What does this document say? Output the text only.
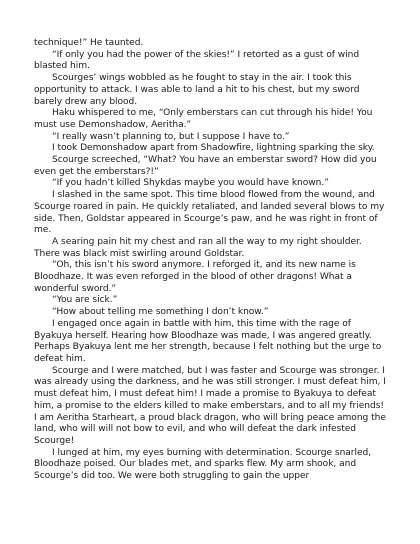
technique!” He taunted.

“If only you had the power of the skies!” I retorted as a gust of wind blasted him.

Scourges’ wings wobbled as he fought to stay in the air. I took this opportunity to attack. I was able to land a hit to his chest, but my sword barely drew any blood.

Haku whispered to me, “Only emberstars can cut through his hide! You must use Demonshadow, Aeritha.”

“I really wasn’t planning to, but I suppose I have to.”

I took Demonshadow apart from Shadowfire, lightning sparking the sky.

Scourge screeched, “What? You have an emberstar sword? How did you even get the emberstars?!”

“If you hadn’t killed Shykdas maybe you would have known.”

I slashed in the same spot. This time blood flowed from the wound, and Scourge roared in pain. He quickly retaliated, and landed several blows to my side. Then, Goldstar appeared in Scourge’s paw, and he was right in front of me.

A searing pain hit my chest and ran all the way to my right shoulder. There was black mist swirling around Goldstar.

“Oh, this isn’t his sword anymore. I reforged it, and its new name is Bloodhaze. It was even reforged in the blood of other dragons! What a wonderful sword.”

“You are sick.”

“How about telling me something I don’t know.”

I engaged once again in battle with him, this time with the rage of Byakuya herself. Hearing how Bloodhaze was made, I was angered greatly. Perhaps Byakuya lent me her strength, because I felt nothing but the urge to defeat him.

Scourge and I were matched, but I was faster and Scourge was stronger. I was already using the darkness, and he was still stronger. I must defeat him, I must defeat him, I must defeat him! I made a promise to Byakuya to defeat him, a promise to the elders killed to make emberstars, and to all my friends! I am Aeritha Starheart, a proud black dragon, who will bring peace among the land, who will will not bow to evil, and who will defeat the dark infested Scourge!

I lunged at him, my eyes burning with determination. Scourge snarled, Bloodhaze poised. Our blades met, and sparks flew. My arm shook, and Scourge’s did too. We were both struggling to gain the upper
